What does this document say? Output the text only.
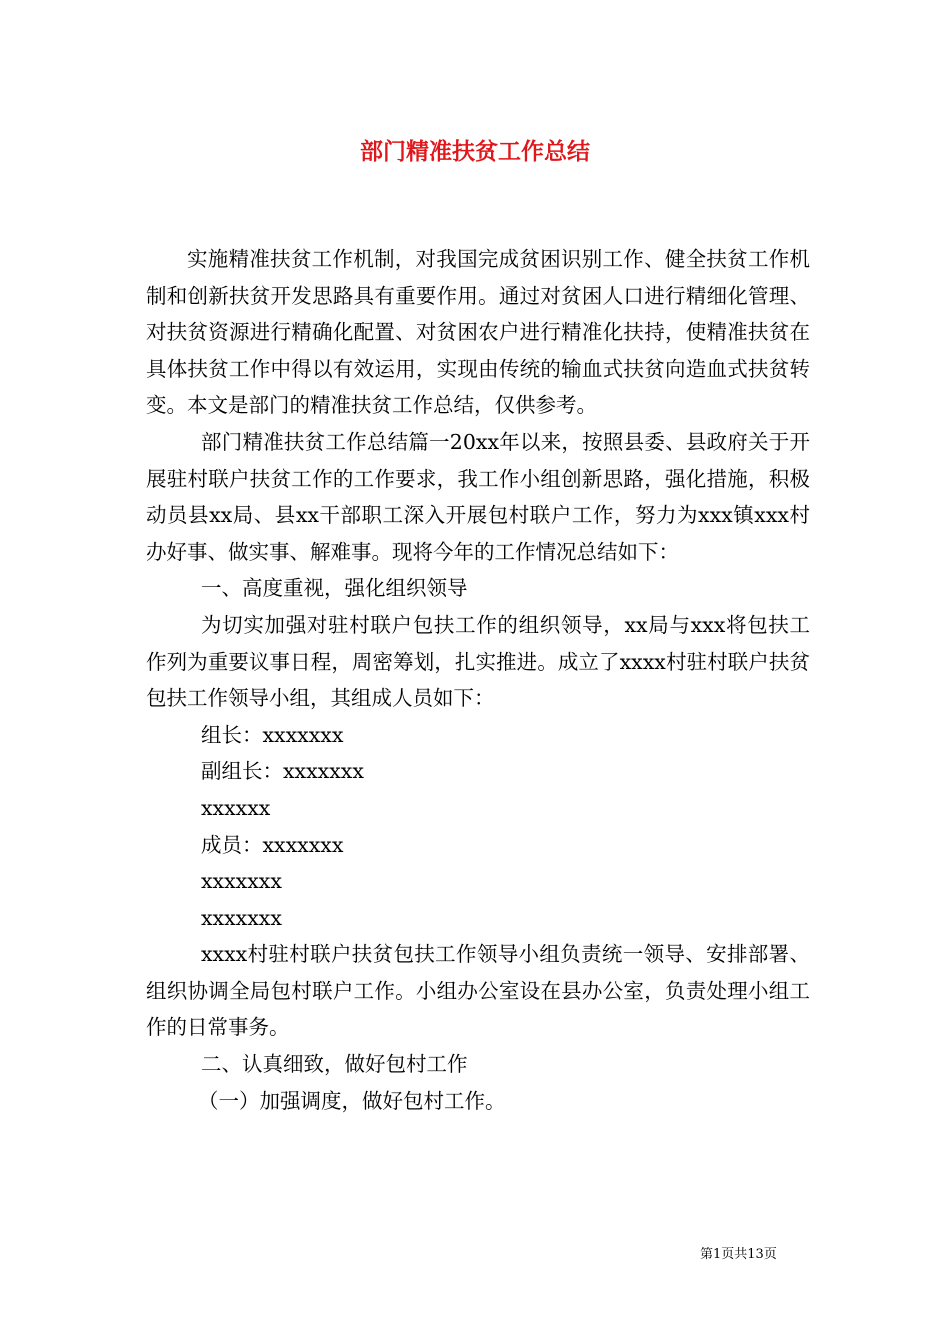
部门精准扶贫工作总结

实施精准扶贫工作机制，对我国完成贫困识别工作、健全扶贫工作机制和创新扶贫开发思路具有重要作用。通过对贫困人口进行精细化管理、对扶贫资源进行精确化配置、对贫困农户进行精准化扶持，使精准扶贫在具体扶贫工作中得以有效运用，实现由传统的输血式扶贫向造血式扶贫转变。本文是部门的精准扶贫工作总结，仅供参考。

部门精准扶贫工作总结篇一20xx年以来，按照县委、县政府关于开展驻村联户扶贫工作的工作要求，我工作小组创新思路，强化措施，积极动员县xx局、县xx干部职工深入开展包村联户工作，努力为xxx镇xxx村办好事、做实事、解难事。现将今年的工作情况总结如下：

一、高度重视，强化组织领导

为切实加强对驻村联户包扶工作的组织领导，xx局与xxx将包扶工作列为重要议事日程，周密筹划，扎实推进。成立了xxxx村驻村联户扶贫包扶工作领导小组，其组成人员如下：

组长：xxxxxxx

副组长：xxxxxxx

xxxxxx

成员：xxxxxxx

xxxxxxx

xxxxxxx

xxxx村驻村联户扶贫包扶工作领导小组负责统一领导、安排部署、组织协调全局包村联户工作。小组办公室设在县办公室，负责处理小组工作的日常事务。

二、认真细致，做好包村工作

（一）加强调度，做好包村工作。

第1页共13页
